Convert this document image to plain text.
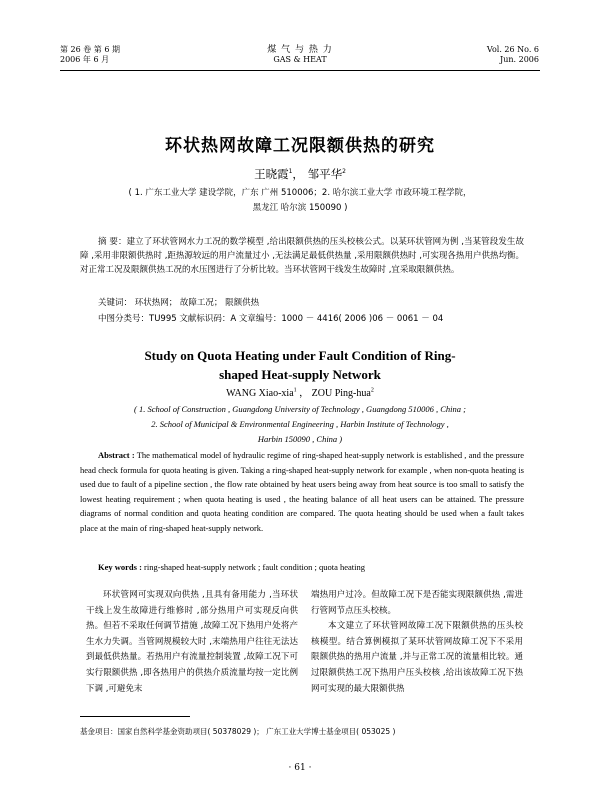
第 26 卷 第 6 期
2006 年 6 月
煤 气 与 热 力
GAS & HEAT
Vol. 26 No. 6
Jun. 2006
环状热网故障工况限额供热的研究
王晓霞$^1$， 邹平华$^2$
( 1. 广东工业大学 建设学院，广东 广州 510006；2. 哈尔滨工业大学 市政环境工程学院，
黑龙江 哈尔滨 150090 )
摘 要：建立了环状管网水力工况的数学模型 ,给出限额供热的压头校核公式。以某环状管网为例 ,当某管段发生故障 ,采用非限额供热时 ,距热源较远的用户流量过小 ,无法满足最低供热量 ,采用限额供热时 ,可实现各热用户供热均衡。对正常工况及限额供热工况的水压图进行了分析比较。当环状管网干线发生故障时 ,宜采取限额供热。
关键词： 环状热网； 故障工况； 限额供热
中图分类号：TU995 文献标识码：A 文章编号：1000 － 4416( 2006 )06 － 0061 － 04
Study on Quota Heating under Fault Condition of Ring-
shaped Heat-supply Network
WANG Xiao-xia$^1$ ， ZOU Ping-hua$^2$
( 1. School of Construction , Guangdong University of Technology , Guangdong 510006 , China ;
2. School of Municipal & Environmental Engineering , Harbin Institute of Technology ,
Harbin 150090 , China )
Abstract : The mathematical model of hydraulic regime of ring-shaped heat-supply network is established , and the pressure head check formula for quota heating is given. Taking a ring-shaped heat-supply network for example , when non-quota heating is used due to fault of a pipeline section , the flow rate obtained by heat users being away from heat source is too small to satisfy the lowest heating requirement ; when quota heating is used , the heating balance of all heat users can be attained. The pressure diagrams of normal condition and quota heating condition are compared. The quota heating should be used when a fault takes place at the main of ring-shaped heat-supply network.
Key words : ring-shaped heat-supply network ; fault condition ; quota heating

环状管网可实现双向供热 ,且具有备用能力 ,当环状干线上发生故障进行维修时 ,部分热用户可实现反向供热。但若不采取任何调节措施 ,故障工况下热用户处将产生水力失调。当管网规模较大时 ,末端热用户往往无法达到最低供热量。若热用户有流量控制装置 ,故障工况下可实行限额供热 ,即各热用户的供热介质流量均按一定比例下调 ,可避免末

端热用户过冷。但故障工况下是否能实现限额供热 ,需进行管网节点压头校核。

本文建立了环状管网故障工况下限额供热的压头校核模型。结合算例模拟了某环状管网故障工况下不采用限额供热的热用户流量 ,并与正常工况的流量相比较。通过限额供热工况下热用户压头校核 ,给出该故障工况下热网可实现的最大限额供热

基金项目：国家自然科学基金资助项目( 50378029 )； 广东工业大学博士基金项目( 053025 )
· 61 ·
